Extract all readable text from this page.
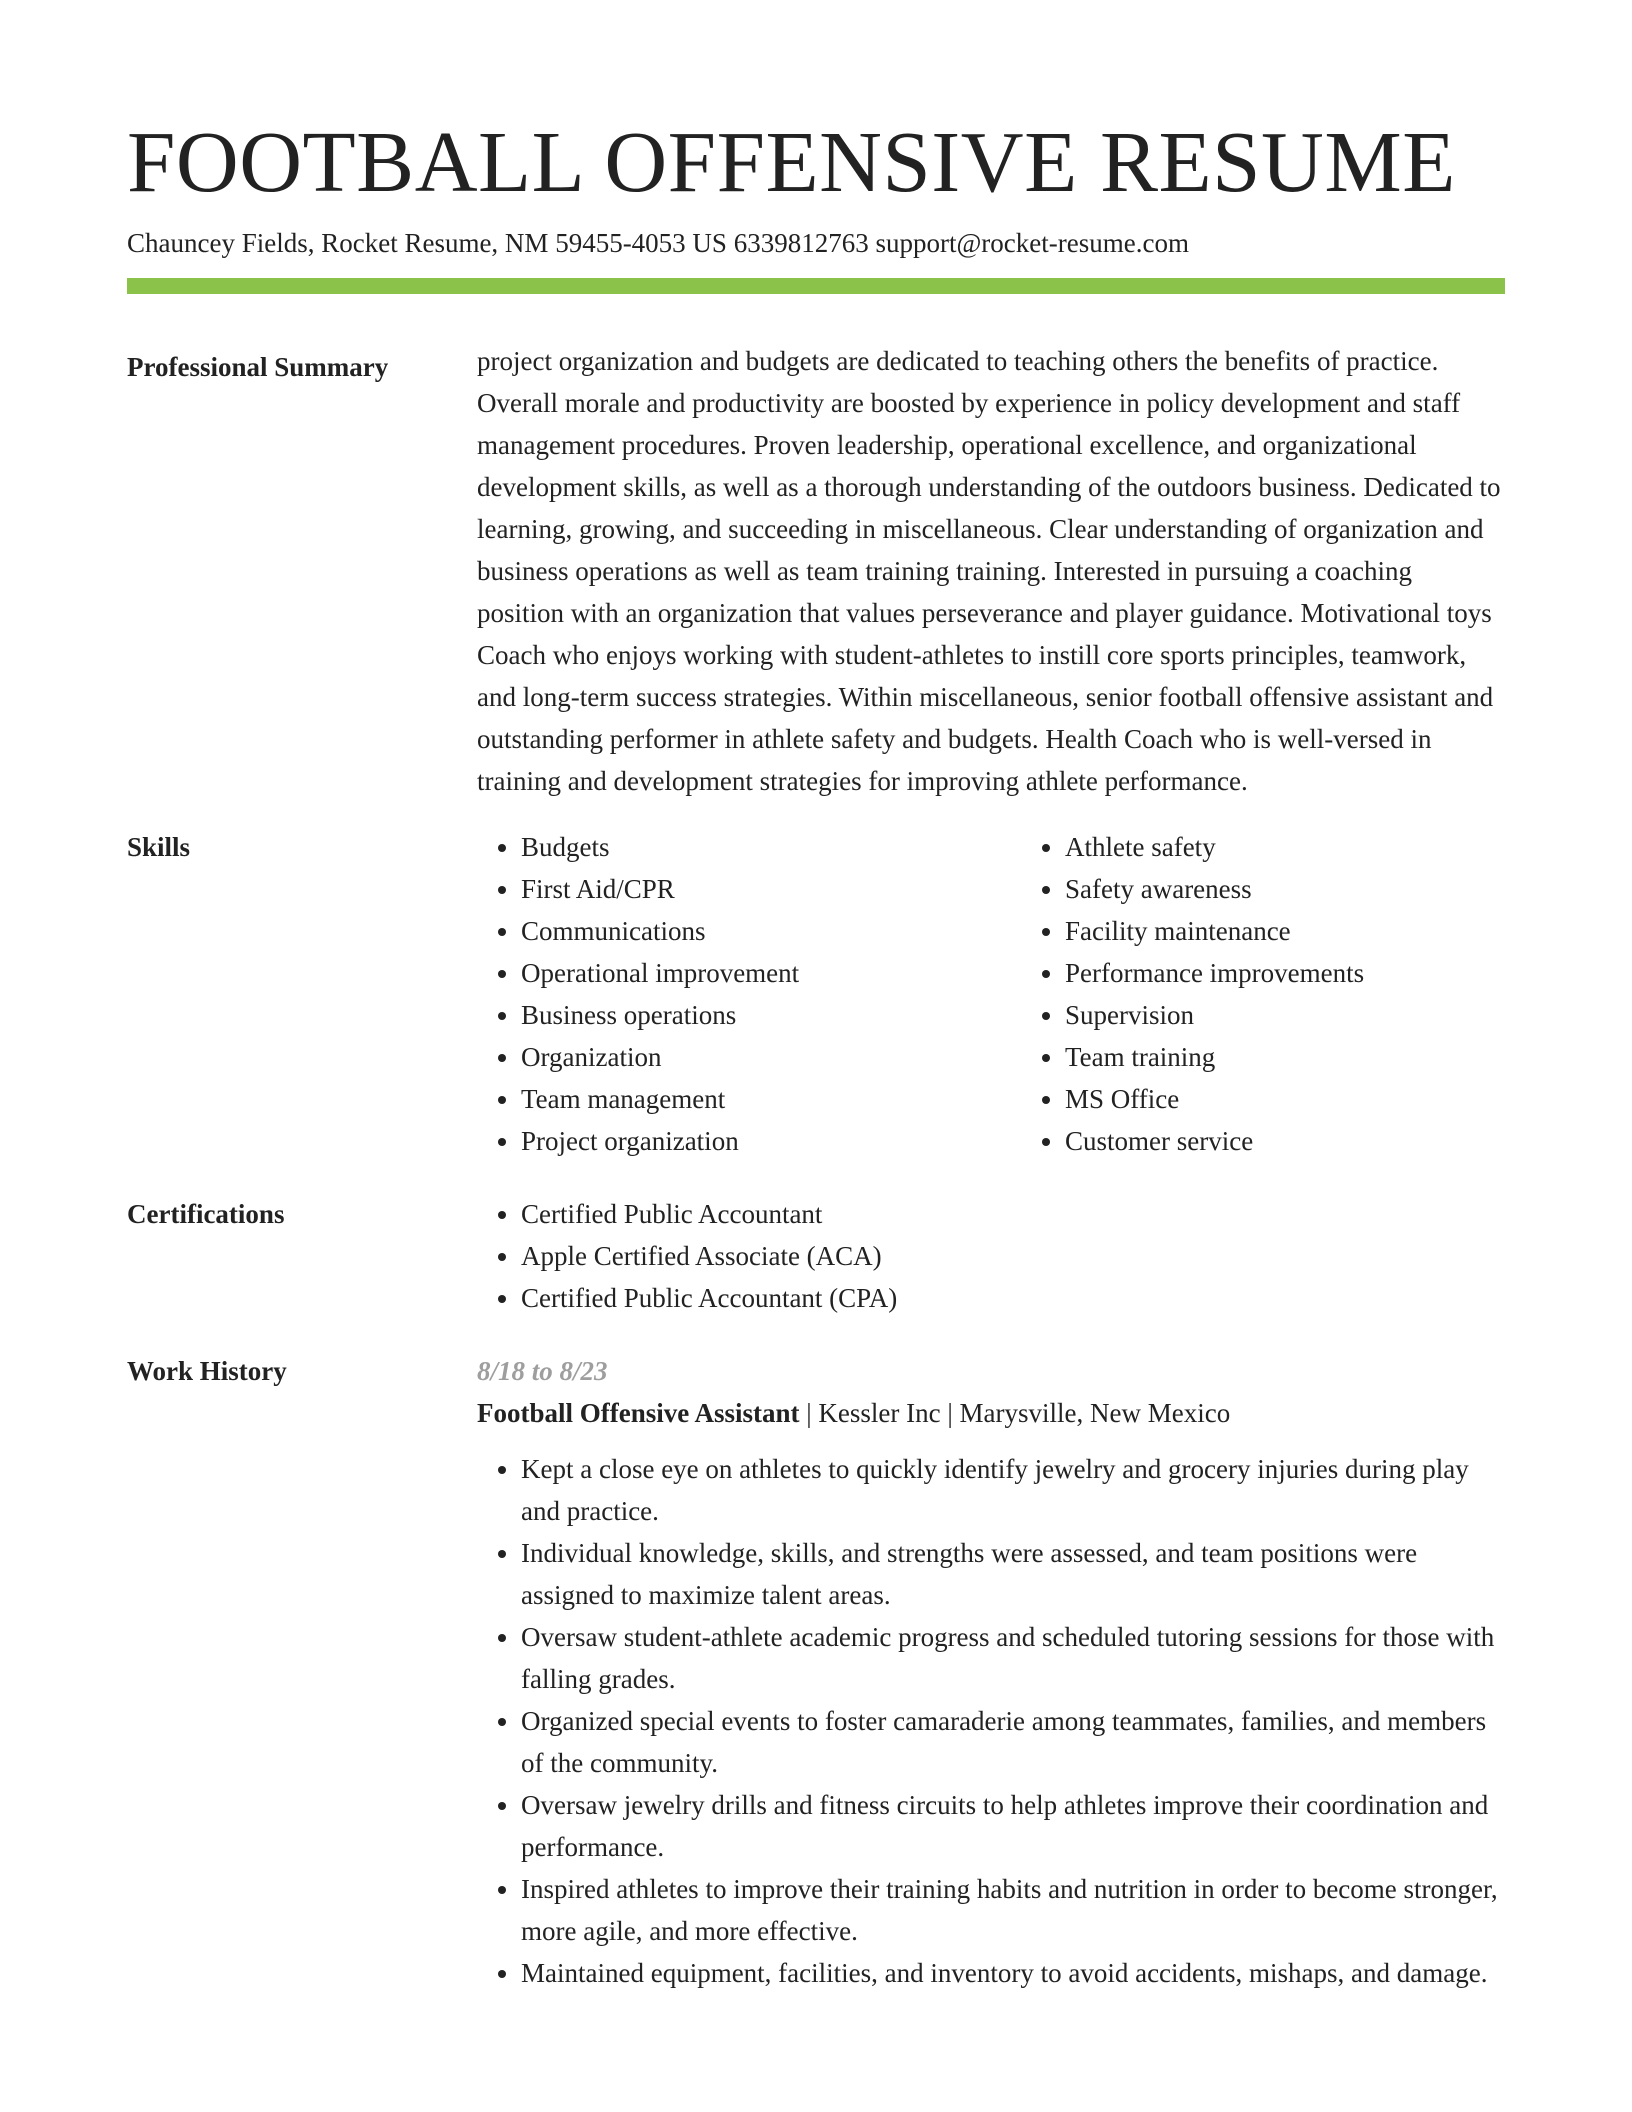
FOOTBALL OFFENSIVE RESUME
Chauncey Fields, Rocket Resume, NM 59455-4053 US 6339812763 support@rocket-resume.com
Professional Summary	project organization and budgets are dedicated to teaching others the benefits of practice. Overall morale and productivity are boosted by experience in policy development and staff management procedures. Proven leadership, operational excellence, and organizational development skills, as well as a thorough understanding of the outdoors business. Dedicated to learning, growing, and succeeding in miscellaneous. Clear understanding of organization and business operations as well as team training training. Interested in pursuing a coaching position with an organization that values perseverance and player guidance. Motivational toys Coach who enjoys working with student-athletes to instill core sports principles, teamwork, and long-term success strategies. Within miscellaneous, senior football offensive assistant and outstanding performer in athlete safety and budgets. Health Coach who is well-versed in training and development strategies for improving athlete performance.

Skills	• Budgets
• First Aid/CPR
• Communications
• Operational improvement
• Business operations
• Organization
• Team management
• Project organization
• Athlete safety
• Safety awareness
• Facility maintenance
• Performance improvements
• Supervision
• Team training
• MS Office
• Customer service
Certifications	• Certified Public Accountant
• Apple Certified Associate (ACA)
• Certified Public Accountant (CPA)
Work History	8/18 to 8/23
Football Offensive Assistant | Kessler Inc | Marysville, New Mexico
• Kept a close eye on athletes to quickly identify jewelry and grocery injuries during play and practice.
• Individual knowledge, skills, and strengths were assessed, and team positions were assigned to maximize talent areas.
• Oversaw student-athlete academic progress and scheduled tutoring sessions for those with falling grades.
• Organized special events to foster camaraderie among teammates, families, and members of the community.
• Oversaw jewelry drills and fitness circuits to help athletes improve their coordination and performance.
• Inspired athletes to improve their training habits and nutrition in order to become stronger, more agile, and more effective.
• Maintained equipment, facilities, and inventory to avoid accidents, mishaps, and damage.
